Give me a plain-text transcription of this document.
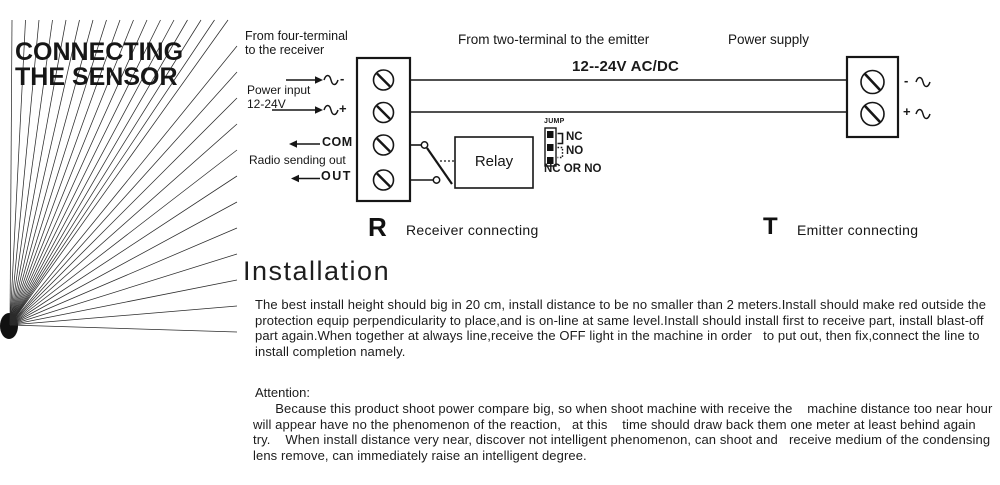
CONNECTING
THE SENSOR
From four-terminal
to the receiver
Power input
12-24V
-
+
COM
Radio sending out
OUT
R Receiver connecting
Relay
JUMP
NC
NO
NC OR NO
From two-terminal to the emitter	Power supply
12--24V AC/DC
-
+
T Emitter connecting
Installation
The best install height should big in 20 cm, install distance to be no smaller than 2 meters.Install should make red outside the protection equip perpendicularity to place,and is on-line at same level.Install should install first to receive part, install blast-off part again.When together at always line,receive the OFF light in the machine in order   to put out, then fix,connect the line to install completion namely.
Attention:
Because this product shoot power compare big, so when shoot machine with receive the    machine distance too near hour will appear have no the phenomenon of the reaction,   at this    time should draw back them one meter at least behind again try.    When install distance very near, discover not intelligent phenomenon, can shoot and   receive medium of the condensing lens remove, can immediately raise an intelligent degree.
